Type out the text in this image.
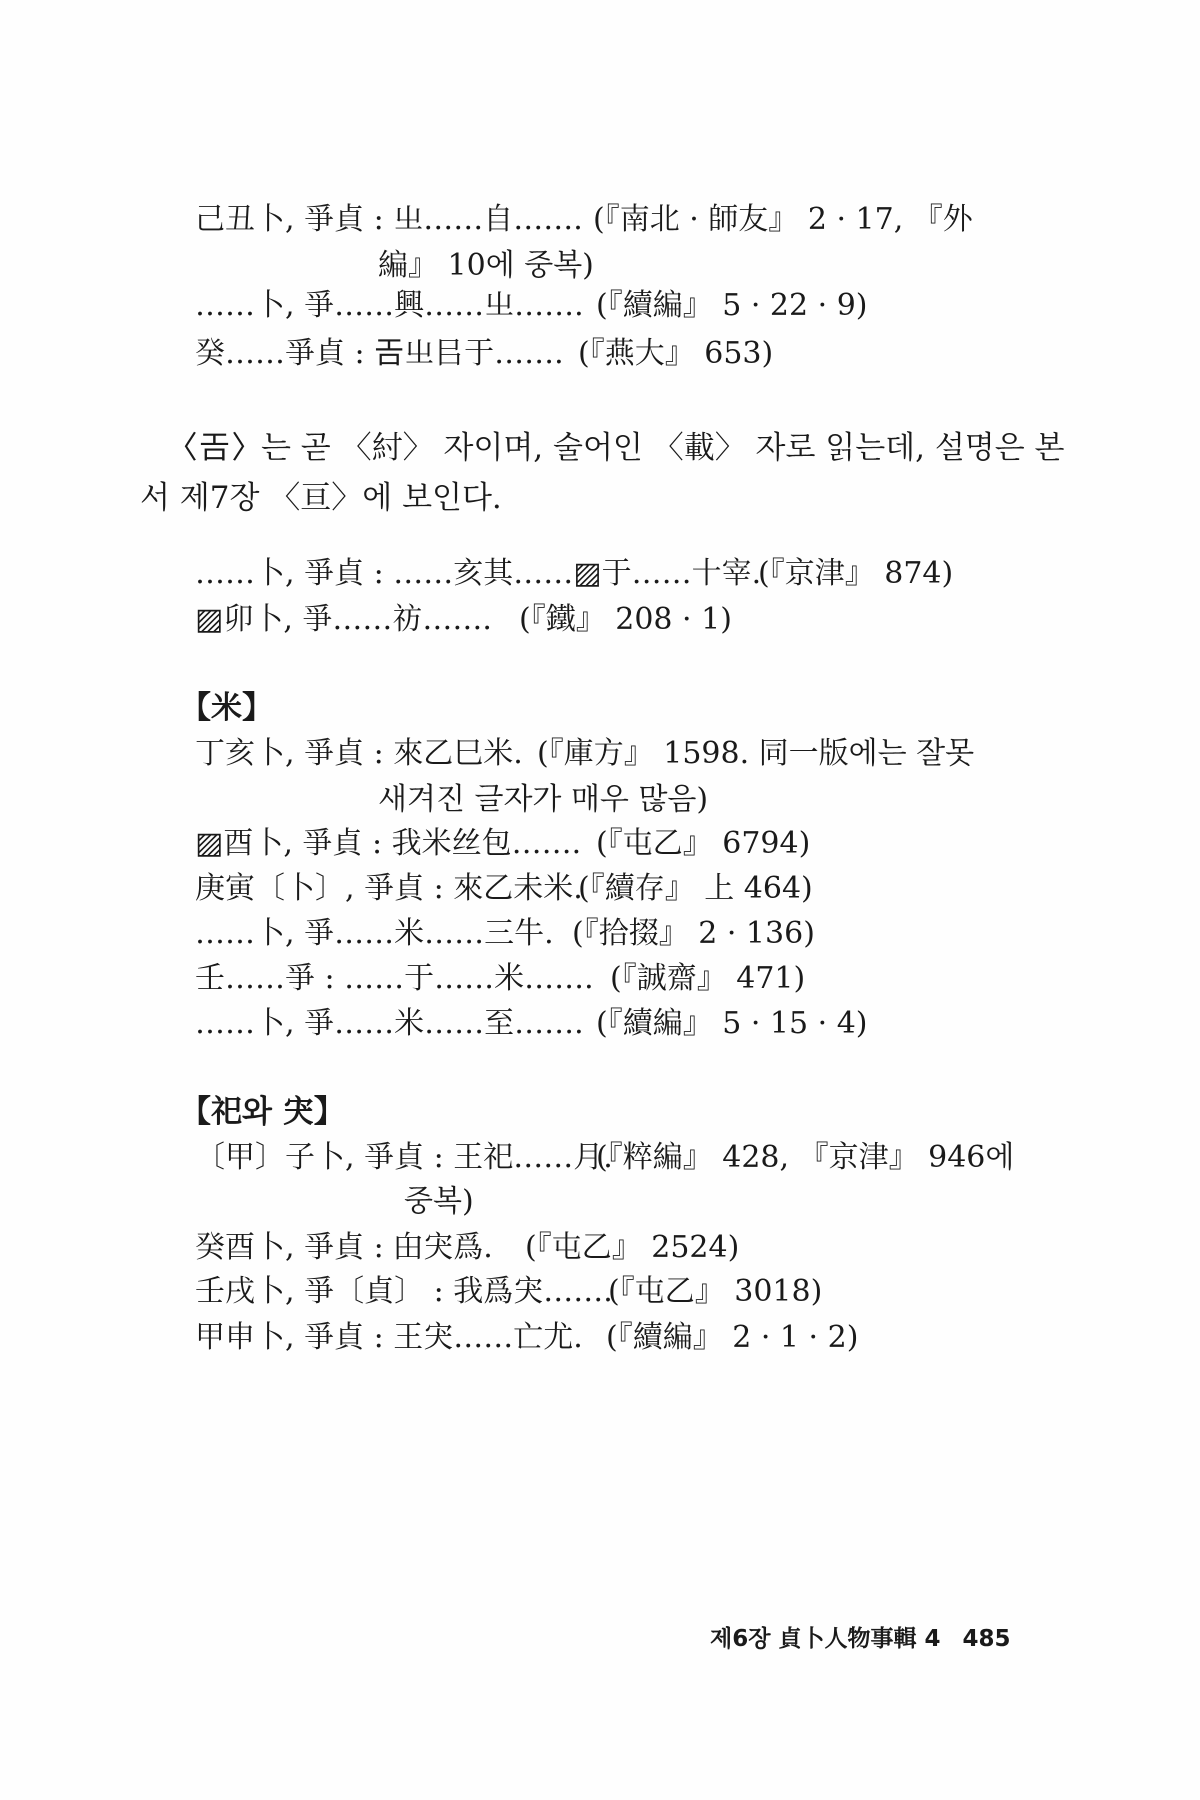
己丑卜, 爭貞 : 㞢……自……. (『南北 · 師友』 2 · 17, 『外
編』 10에 중복)
……卜, 爭……興……㞢……. (『續編』 5 · 22 · 9)
癸……爭貞 : 𢀛㞢㠯于……. (『燕大』 653)
〈𢀛〉는 곧 〈紂〉 자이며, 술어인 〈載〉 자로 읽는데, 설명은 본
서 제7장 〈亘〉에 보인다.
……卜, 爭貞 : ……亥其……▨于……十宰.
(『京津』 874)
▨卯卜, 爭……祊……. (『鐵』 208 · 1)
【米】
丁亥卜, 爭貞 : 來乙巳米. (『庫方』 1598. 同一版에는 잘못
새겨진 글자가 매우 많음)
▨酉卜, 爭貞 : 我米丝包……. (『屯乙』 6794)
庚寅〔卜〕, 爭貞 : 來乙未米.
(『續存』 上 464)
……卜, 爭……米……三牛. (『拾掇』 2 · 136)
壬……爭 : ……于……米……. (『誠齋』 471)
……卜, 爭……米……至……. (『續編』 5 · 15 · 4)
【祀와 宊】
〔甲〕子卜, 爭貞 : 王祀……月.
(『粹編』 428, 『京津』 946에
중복)
癸酉卜, 爭貞 : 甶宊爲. (『屯乙』 2524)
壬戌卜, 爭〔貞〕 : 我爲宊…….
(『屯乙』 3018)
甲申卜, 爭貞 : 王宊……亡尤. (『續編』 2 · 1 · 2)
제6장 貞卜人物事輯 4 485
